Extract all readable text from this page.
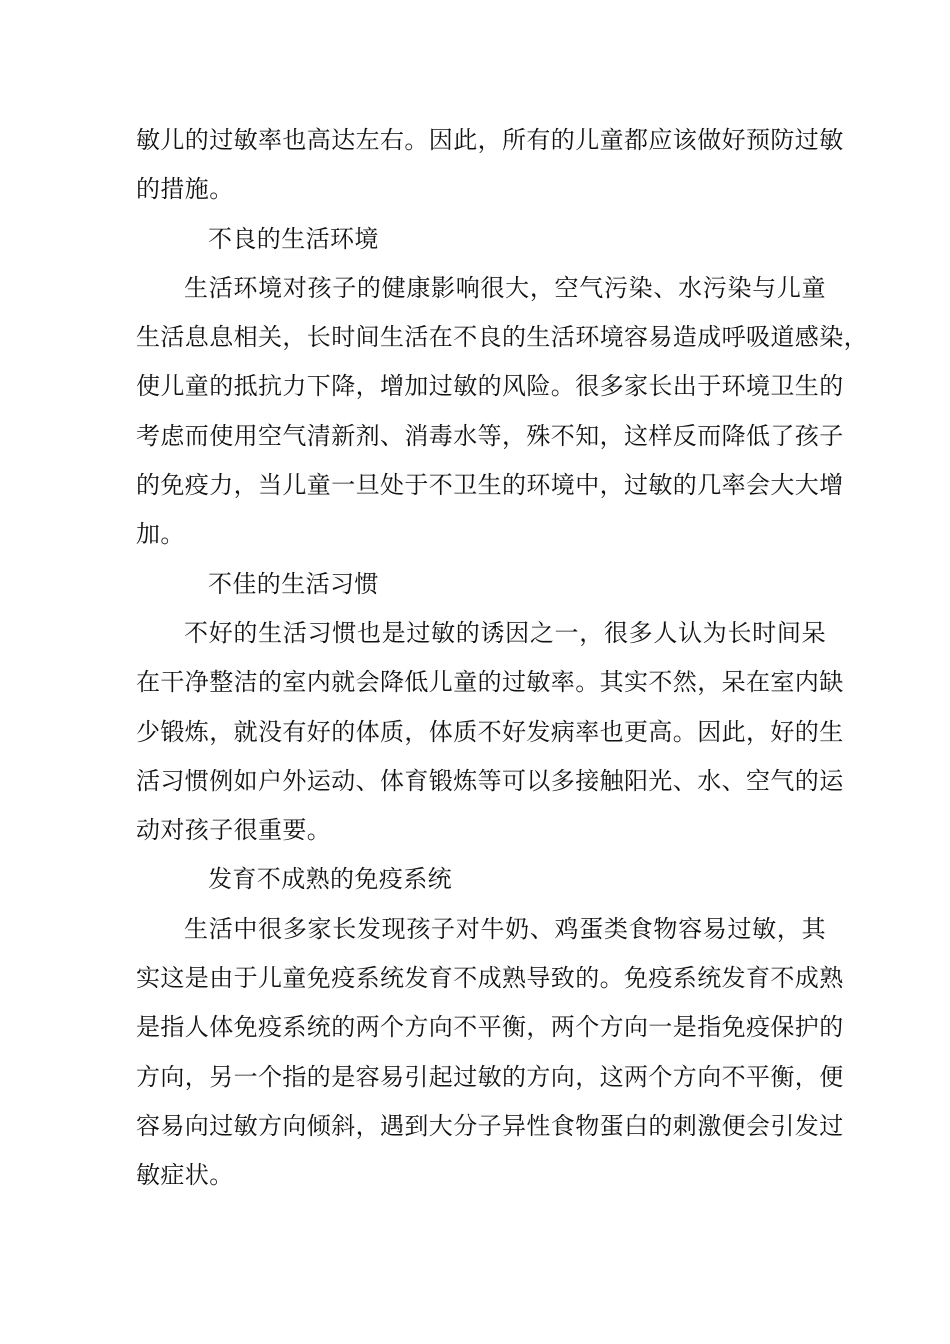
敏儿的过敏率也高达左右。因此，所有的儿童都应该做好预防过敏
的措施。
不良的生活环境
生活环境对孩子的健康影响很大，空气污染、水污染与儿童
生活息息相关，长时间生活在不良的生活环境容易造成呼吸道感染，
使儿童的抵抗力下降，增加过敏的风险。很多家长出于环境卫生的
考虑而使用空气清新剂、消毒水等，殊不知，这样反而降低了孩子
的免疫力，当儿童一旦处于不卫生的环境中，过敏的几率会大大增
加。
不佳的生活习惯
不好的生活习惯也是过敏的诱因之一，很多人认为长时间呆
在干净整洁的室内就会降低儿童的过敏率。其实不然，呆在室内缺
少锻炼，就没有好的体质，体质不好发病率也更高。因此，好的生
活习惯例如户外运动、体育锻炼等可以多接触阳光、水、空气的运
动对孩子很重要。
发育不成熟的免疫系统
生活中很多家长发现孩子对牛奶、鸡蛋类食物容易过敏，其
实这是由于儿童免疫系统发育不成熟导致的。免疫系统发育不成熟
是指人体免疫系统的两个方向不平衡，两个方向一是指免疫保护的
方向，另一个指的是容易引起过敏的方向，这两个方向不平衡，便
容易向过敏方向倾斜，遇到大分子异性食物蛋白的刺激便会引发过
敏症状。
